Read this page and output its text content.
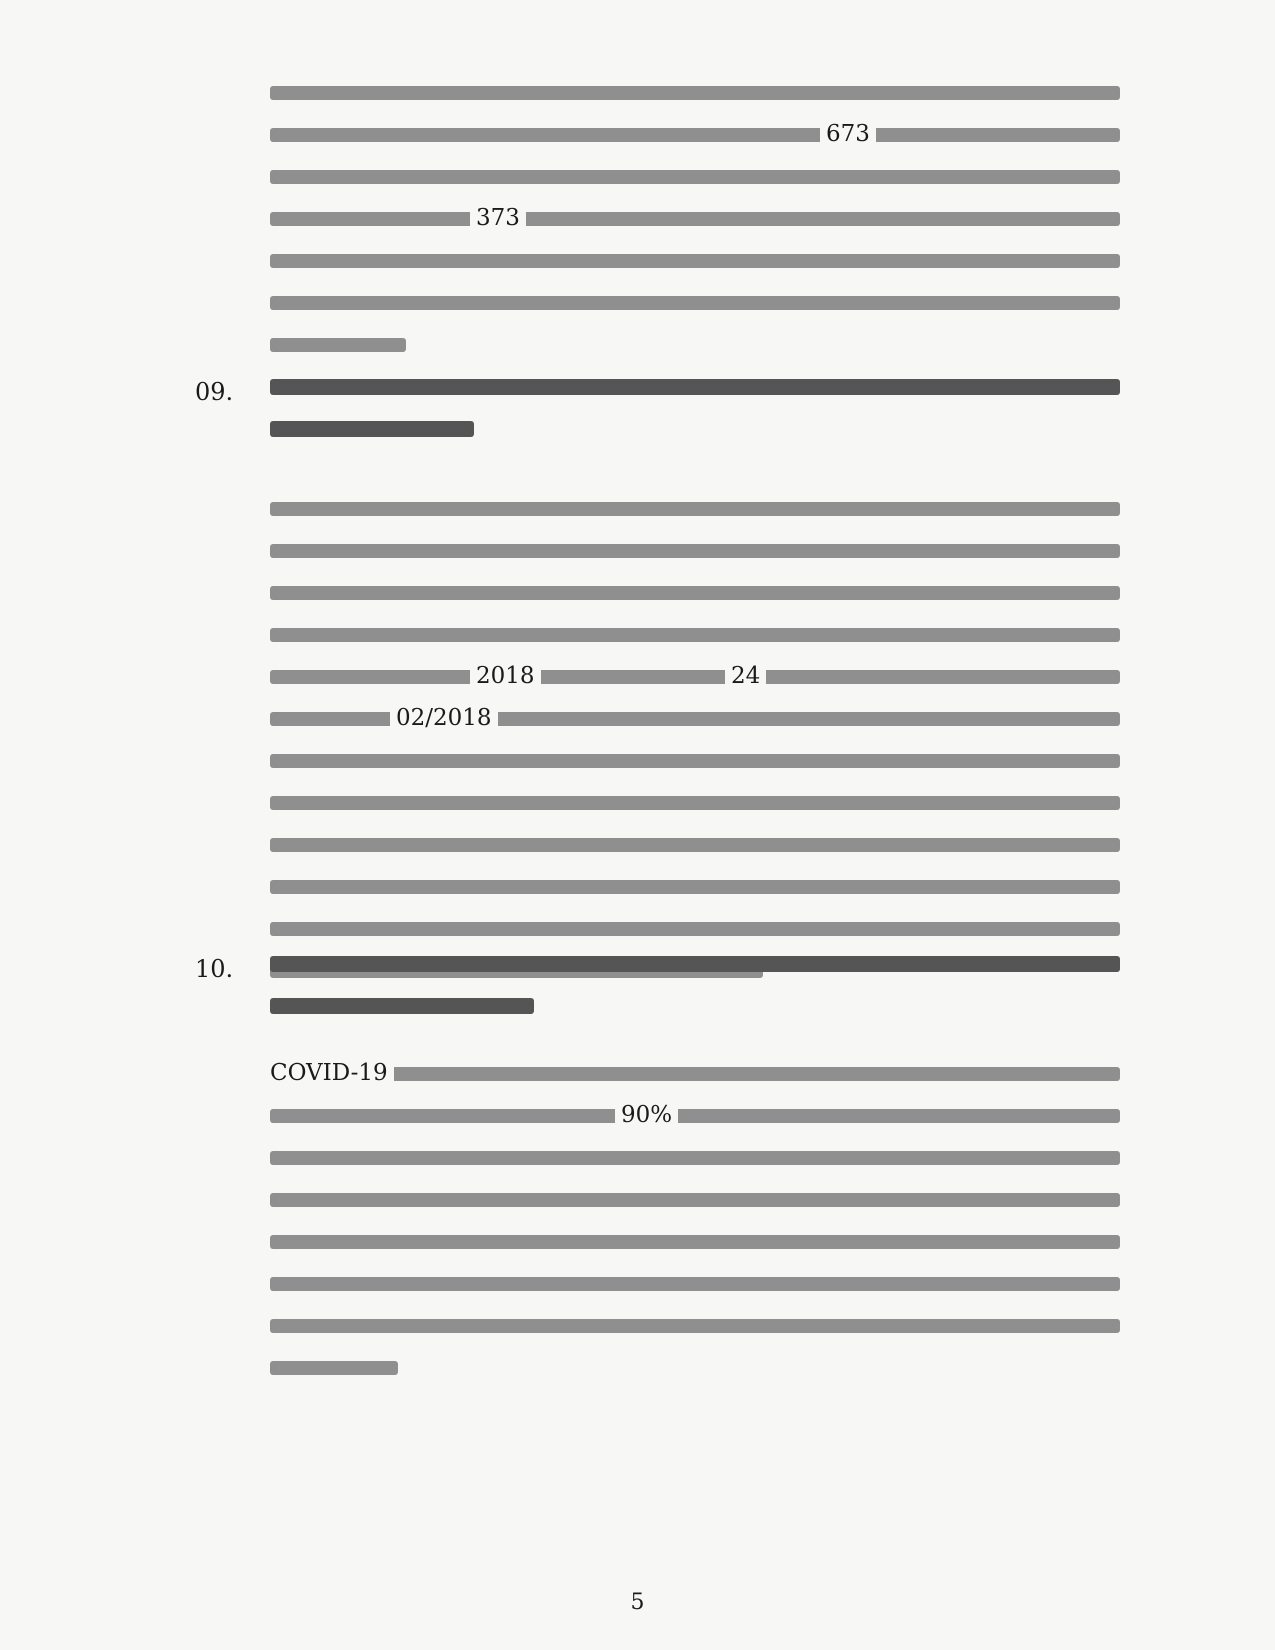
673
373
09.
2018	24
02/2018
10.
COVID-19
90%
5
